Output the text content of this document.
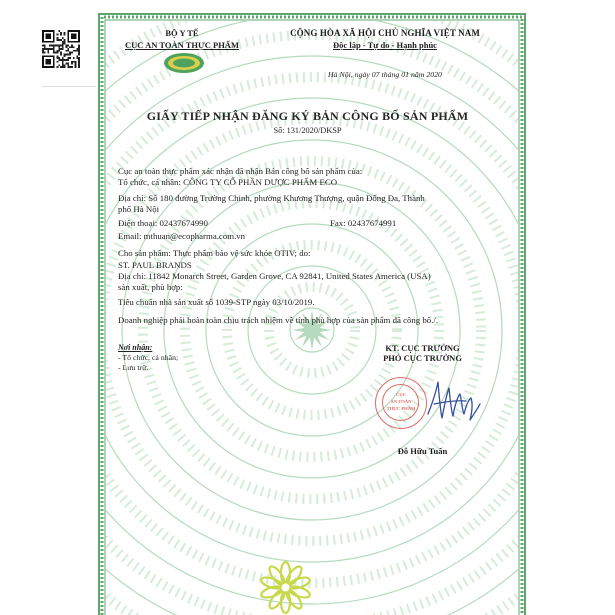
BỘ Y TẾ
CỤC AN TOÀN THỰC PHẨM
CỘNG HÒA XÃ HỘI CHỦ NGHĨA VIỆT NAM
Độc lập - Tự do - Hạnh phúc
Hà Nội, ngày 07 tháng 01 năm 2020
GIẤY TIẾP NHẬN ĐĂNG KÝ BẢN CÔNG BỐ SẢN PHẨM
Số: 131/2020/DKSP
Cục an toàn thực phẩm xác nhận đã nhận Bản công bố sản phẩm của:
Tổ chức, cá nhân: CÔNG TY CỔ PHẦN DƯỢC PHẨM ECO
Địa chỉ: Số 180 đường Trường Chinh, phường Khương Thượng, quận Đống Đa, Thành
phố Hà Nội
Điện thoại: 02437674990	Fax: 02437674991
Email: mthuan@ecopharma.com.vn
Cho sản phẩm: Thực phẩm bảo vệ sức khỏe OTIV; do:
ST. PAUL BRANDS
Địa chỉ: 11842 Monarch Street, Garden Grove, CA 92841, United States America (USA)
sản xuất, phù hợp:
Tiêu chuẩn nhà sản xuất số 1039-STP ngày 03/10/2019.
Doanh nghiệp phải hoàn toàn chịu trách nhiệm về tính phù hợp của sản phẩm đã công bố./.
Nơi nhận:
- Tổ chức, cá nhân;
- Lưu trữ.
KT. CỤC TRƯỞNG
PHÓ CỤC TRƯỞNG
CỤC
AN TOÀN
THỰC PHẨM
Đỗ Hữu Tuấn
